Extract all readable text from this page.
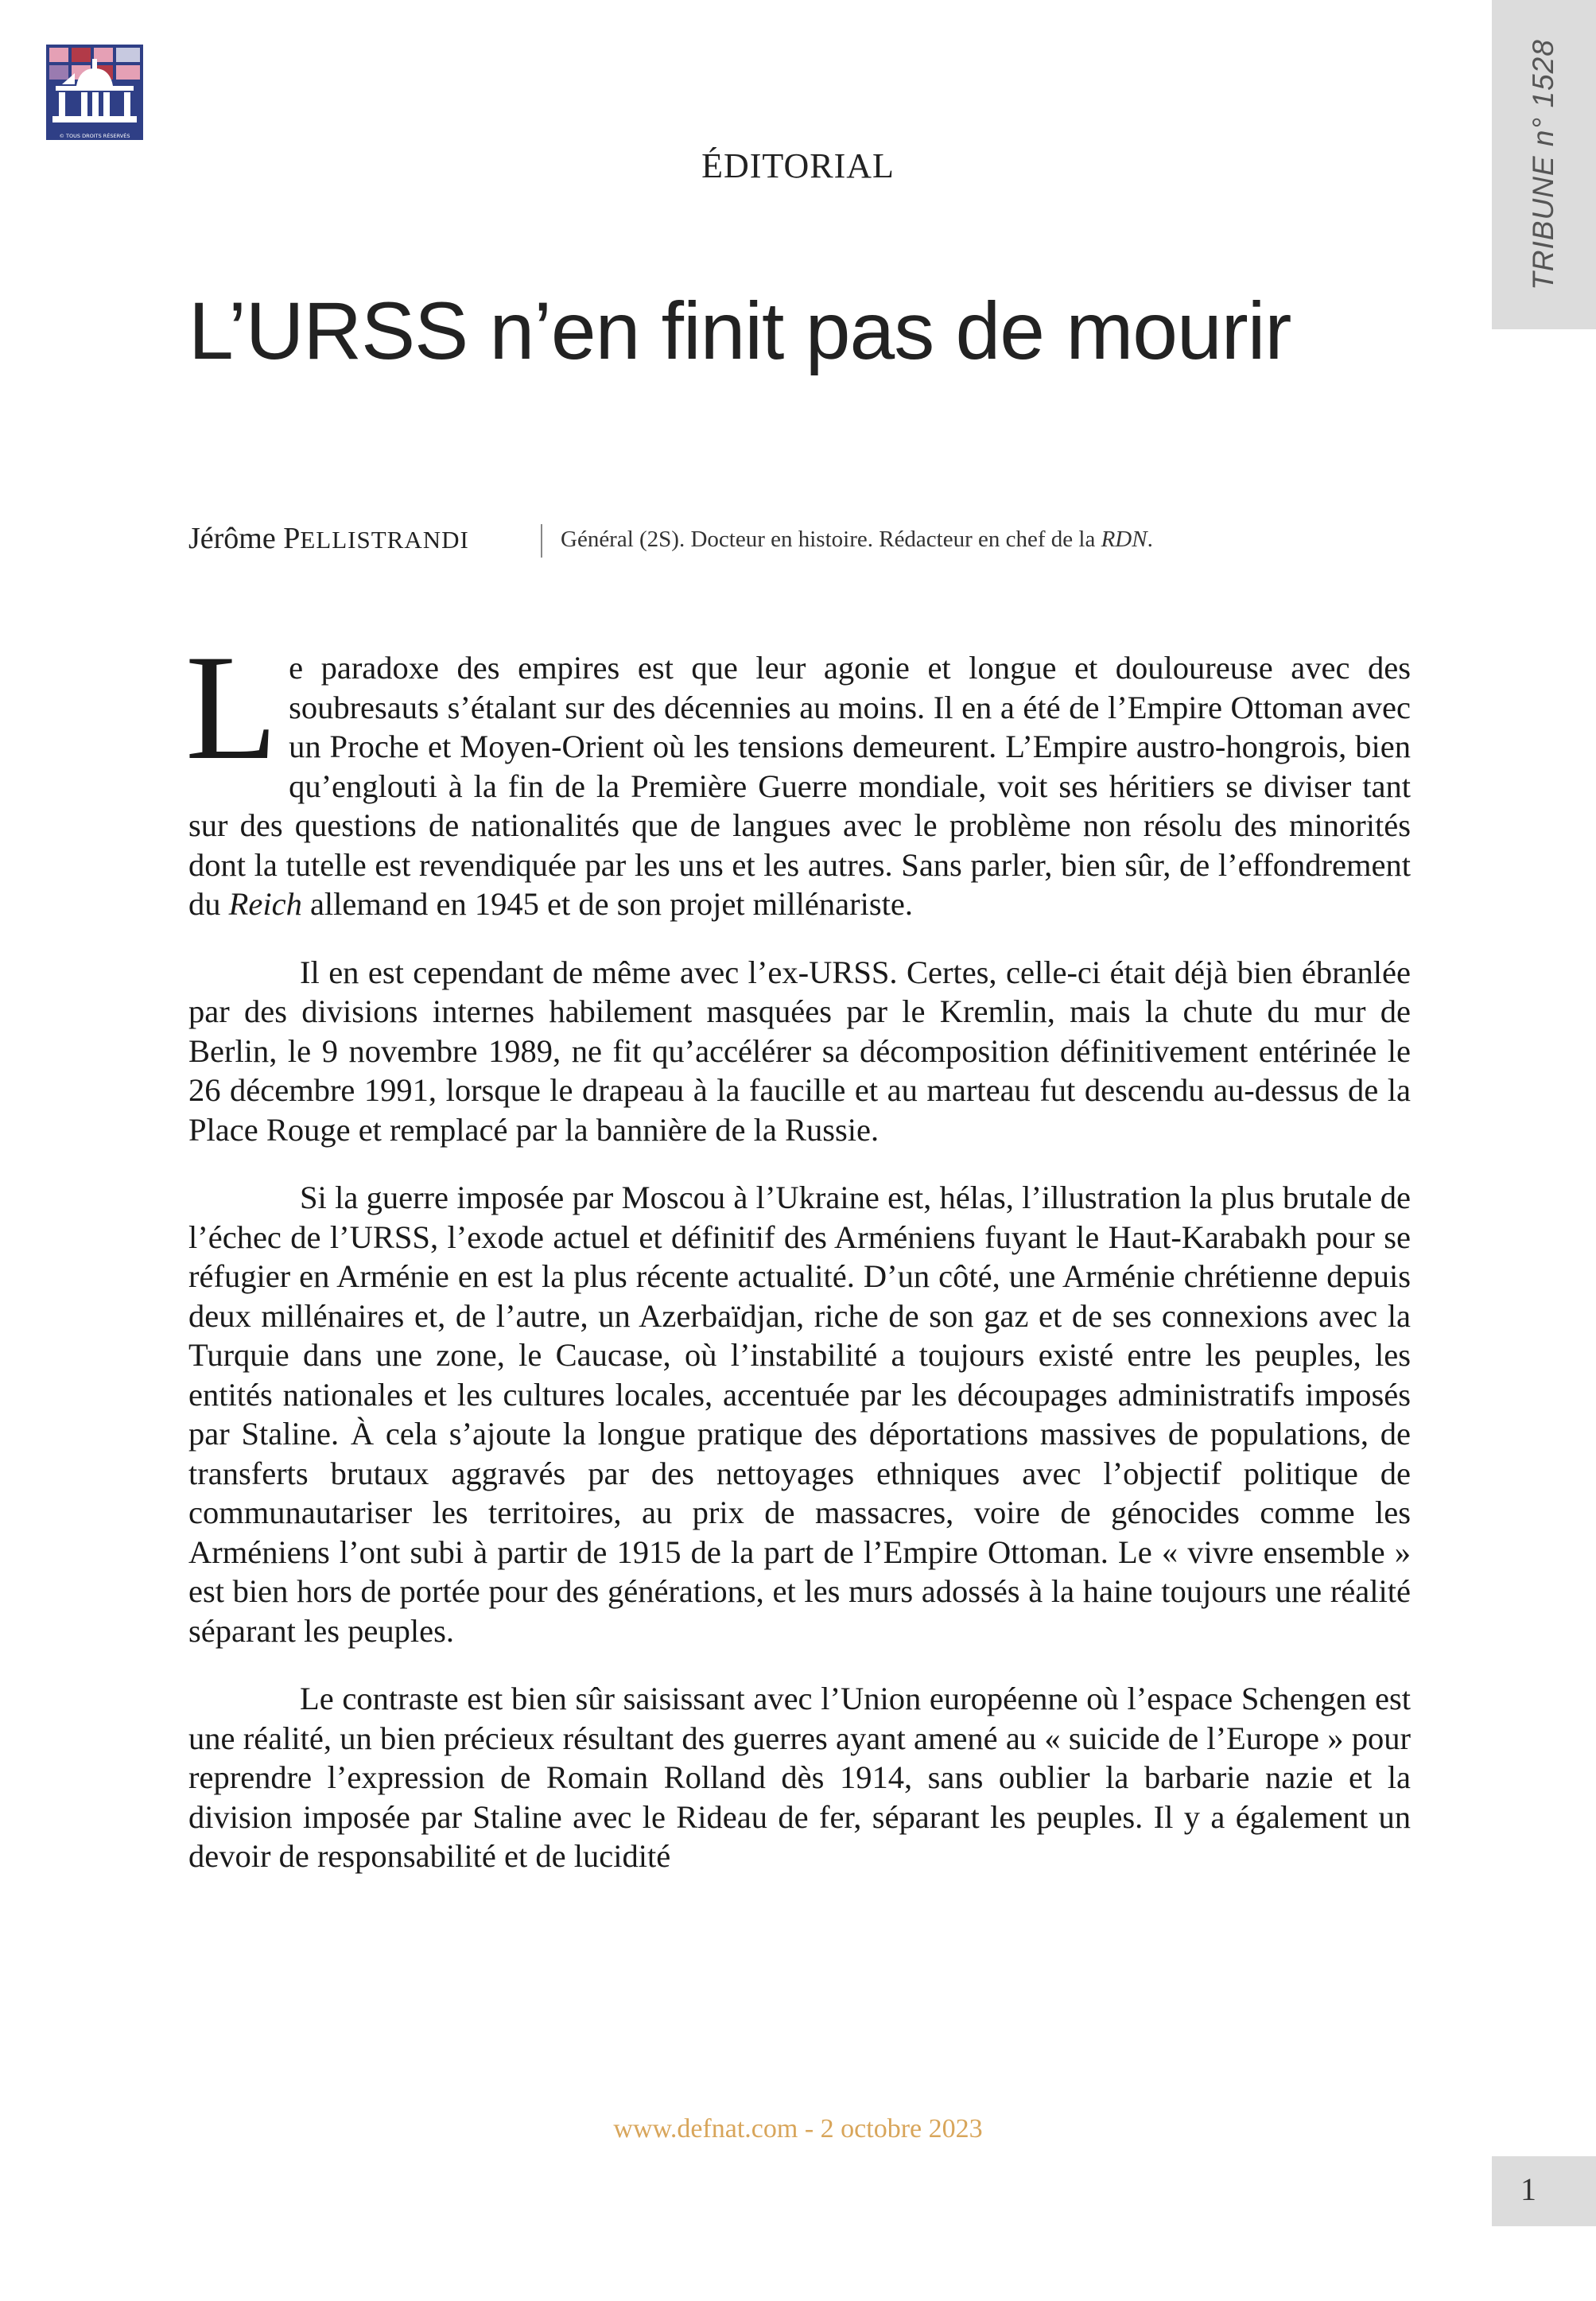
© TOUS DROITS RÉSERVÉS	TRIBUNE n° 1528
ÉDITORIAL
L’URSS n’en finit pas de mourir
Jérôme PELLISTRANDI	Général (2S). Docteur en histoire. Rédacteur en chef de la RDN.

Le paradoxe des empires est que leur agonie et longue et douloureuse avec des soubresauts s’étalant sur des décennies au moins. Il en a été de l’Empire Ottoman avec un Proche et Moyen-Orient où les tensions demeurent. L’Empire austro-hongrois, bien qu’englouti à la fin de la Première Guerre mondiale, voit ses héritiers se diviser tant sur des questions de nationalités que de langues avec le problème non résolu des minorités dont la tutelle est revendiquée par les uns et les autres. Sans parler, bien sûr, de l’effondrement du Reich allemand en 1945 et de son projet millénariste.

Il en est cependant de même avec l’ex-URSS. Certes, celle-ci était déjà bien ébranlée par des divisions internes habilement masquées par le Kremlin, mais la chute du mur de Berlin, le 9 novembre 1989, ne fit qu’accélérer sa décomposition définitivement entérinée le 26 décembre 1991, lorsque le drapeau à la faucille et au marteau fut descendu au-dessus de la Place Rouge et remplacé par la bannière de la Russie.

Si la guerre imposée par Moscou à l’Ukraine est, hélas, l’illustration la plus brutale de l’échec de l’URSS, l’exode actuel et définitif des Arméniens fuyant le Haut-Karabakh pour se réfugier en Arménie en est la plus récente actualité. D’un côté, une Arménie chrétienne depuis deux millénaires et, de l’autre, un Azerbaïdjan, riche de son gaz et de ses connexions avec la Turquie dans une zone, le Caucase, où l’instabilité a toujours existé entre les peuples, les entités nationales et les cultures locales, accentuée par les découpages administratifs imposés par Staline. À cela s’ajoute la longue pratique des déportations massives de populations, de transferts brutaux aggravés par des nettoyages ethniques avec l’objectif politique de communautariser les territoires, au prix de massacres, voire de génocides comme les Arméniens l’ont subi à partir de 1915 de la part de l’Empire Ottoman. Le « vivre ensemble » est bien hors de portée pour des générations, et les murs adossés à la haine toujours une réalité séparant les peuples.

Le contraste est bien sûr saisissant avec l’Union européenne où l’espace Schengen est une réalité, un bien précieux résultant des guerres ayant amené au « suicide de l’Europe » pour reprendre l’expression de Romain Rolland dès 1914, sans oublier la barbarie nazie et la division imposée par Staline avec le Rideau de fer, séparant les peuples. Il y a également un devoir de responsabilité et de lucidité

www.defnat.com - 2 octobre 2023
1
